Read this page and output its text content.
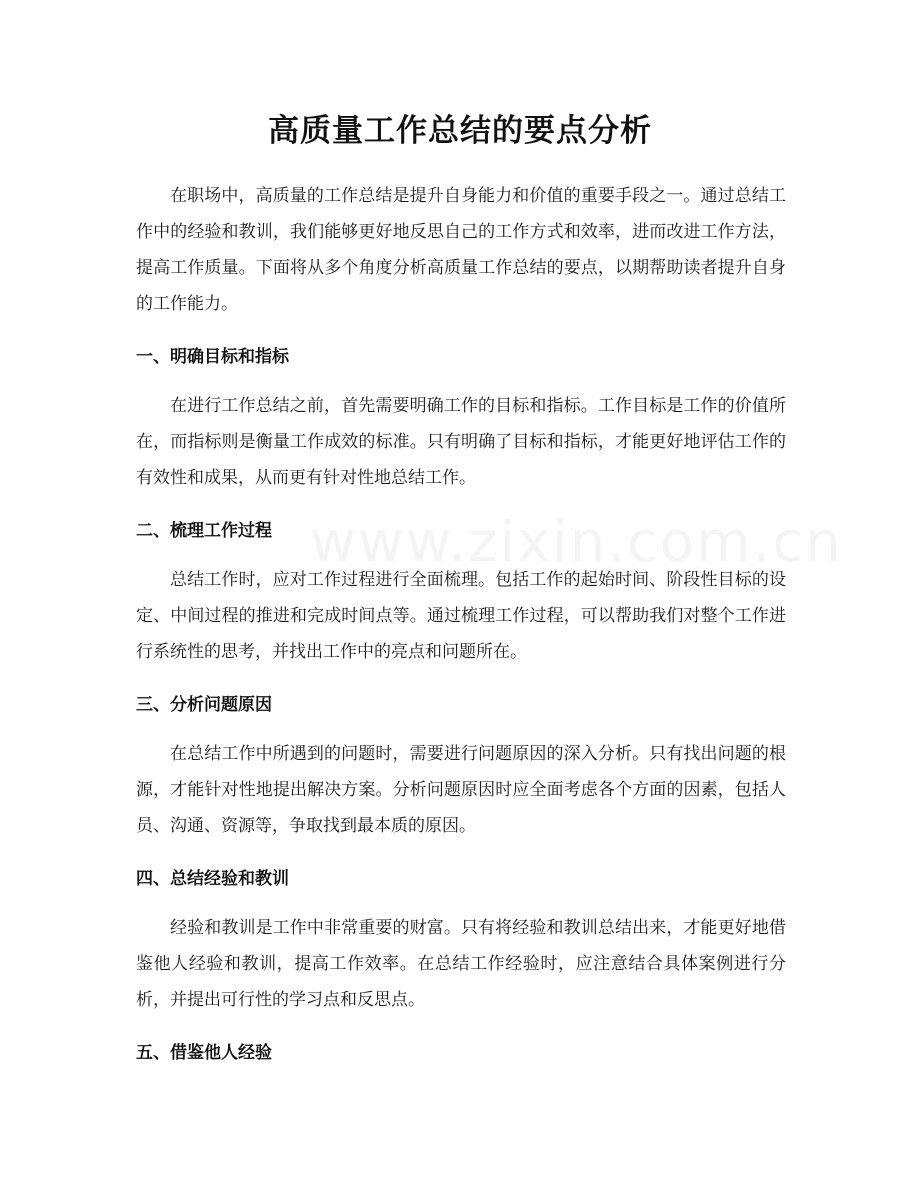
高质量工作总结的要点分析

在职场中，高质量的工作总结是提升自身能力和价值的重要手段之一。通过总结工作中的经验和教训，我们能够更好地反思自己的工作方式和效率，进而改进工作方法，提高工作质量。下面将从多个角度分析高质量工作总结的要点，以期帮助读者提升自身的工作能力。

一、明确目标和指标

在进行工作总结之前，首先需要明确工作的目标和指标。工作目标是工作的价值所在，而指标则是衡量工作成效的标准。只有明确了目标和指标，才能更好地评估工作的有效性和成果，从而更有针对性地总结工作。

二、梳理工作过程

总结工作时，应对工作过程进行全面梳理。包括工作的起始时间、阶段性目标的设定、中间过程的推进和完成时间点等。通过梳理工作过程，可以帮助我们对整个工作进行系统性的思考，并找出工作中的亮点和问题所在。

三、分析问题原因

在总结工作中所遇到的问题时，需要进行问题原因的深入分析。只有找出问题的根源，才能针对性地提出解决方案。分析问题原因时应全面考虑各个方面的因素，包括人员、沟通、资源等，争取找到最本质的原因。

四、总结经验和教训

经验和教训是工作中非常重要的财富。只有将经验和教训总结出来，才能更好地借鉴他人经验和教训，提高工作效率。在总结工作经验时，应注意结合具体案例进行分析，并提出可行性的学习点和反思点。

五、借鉴他人经验
